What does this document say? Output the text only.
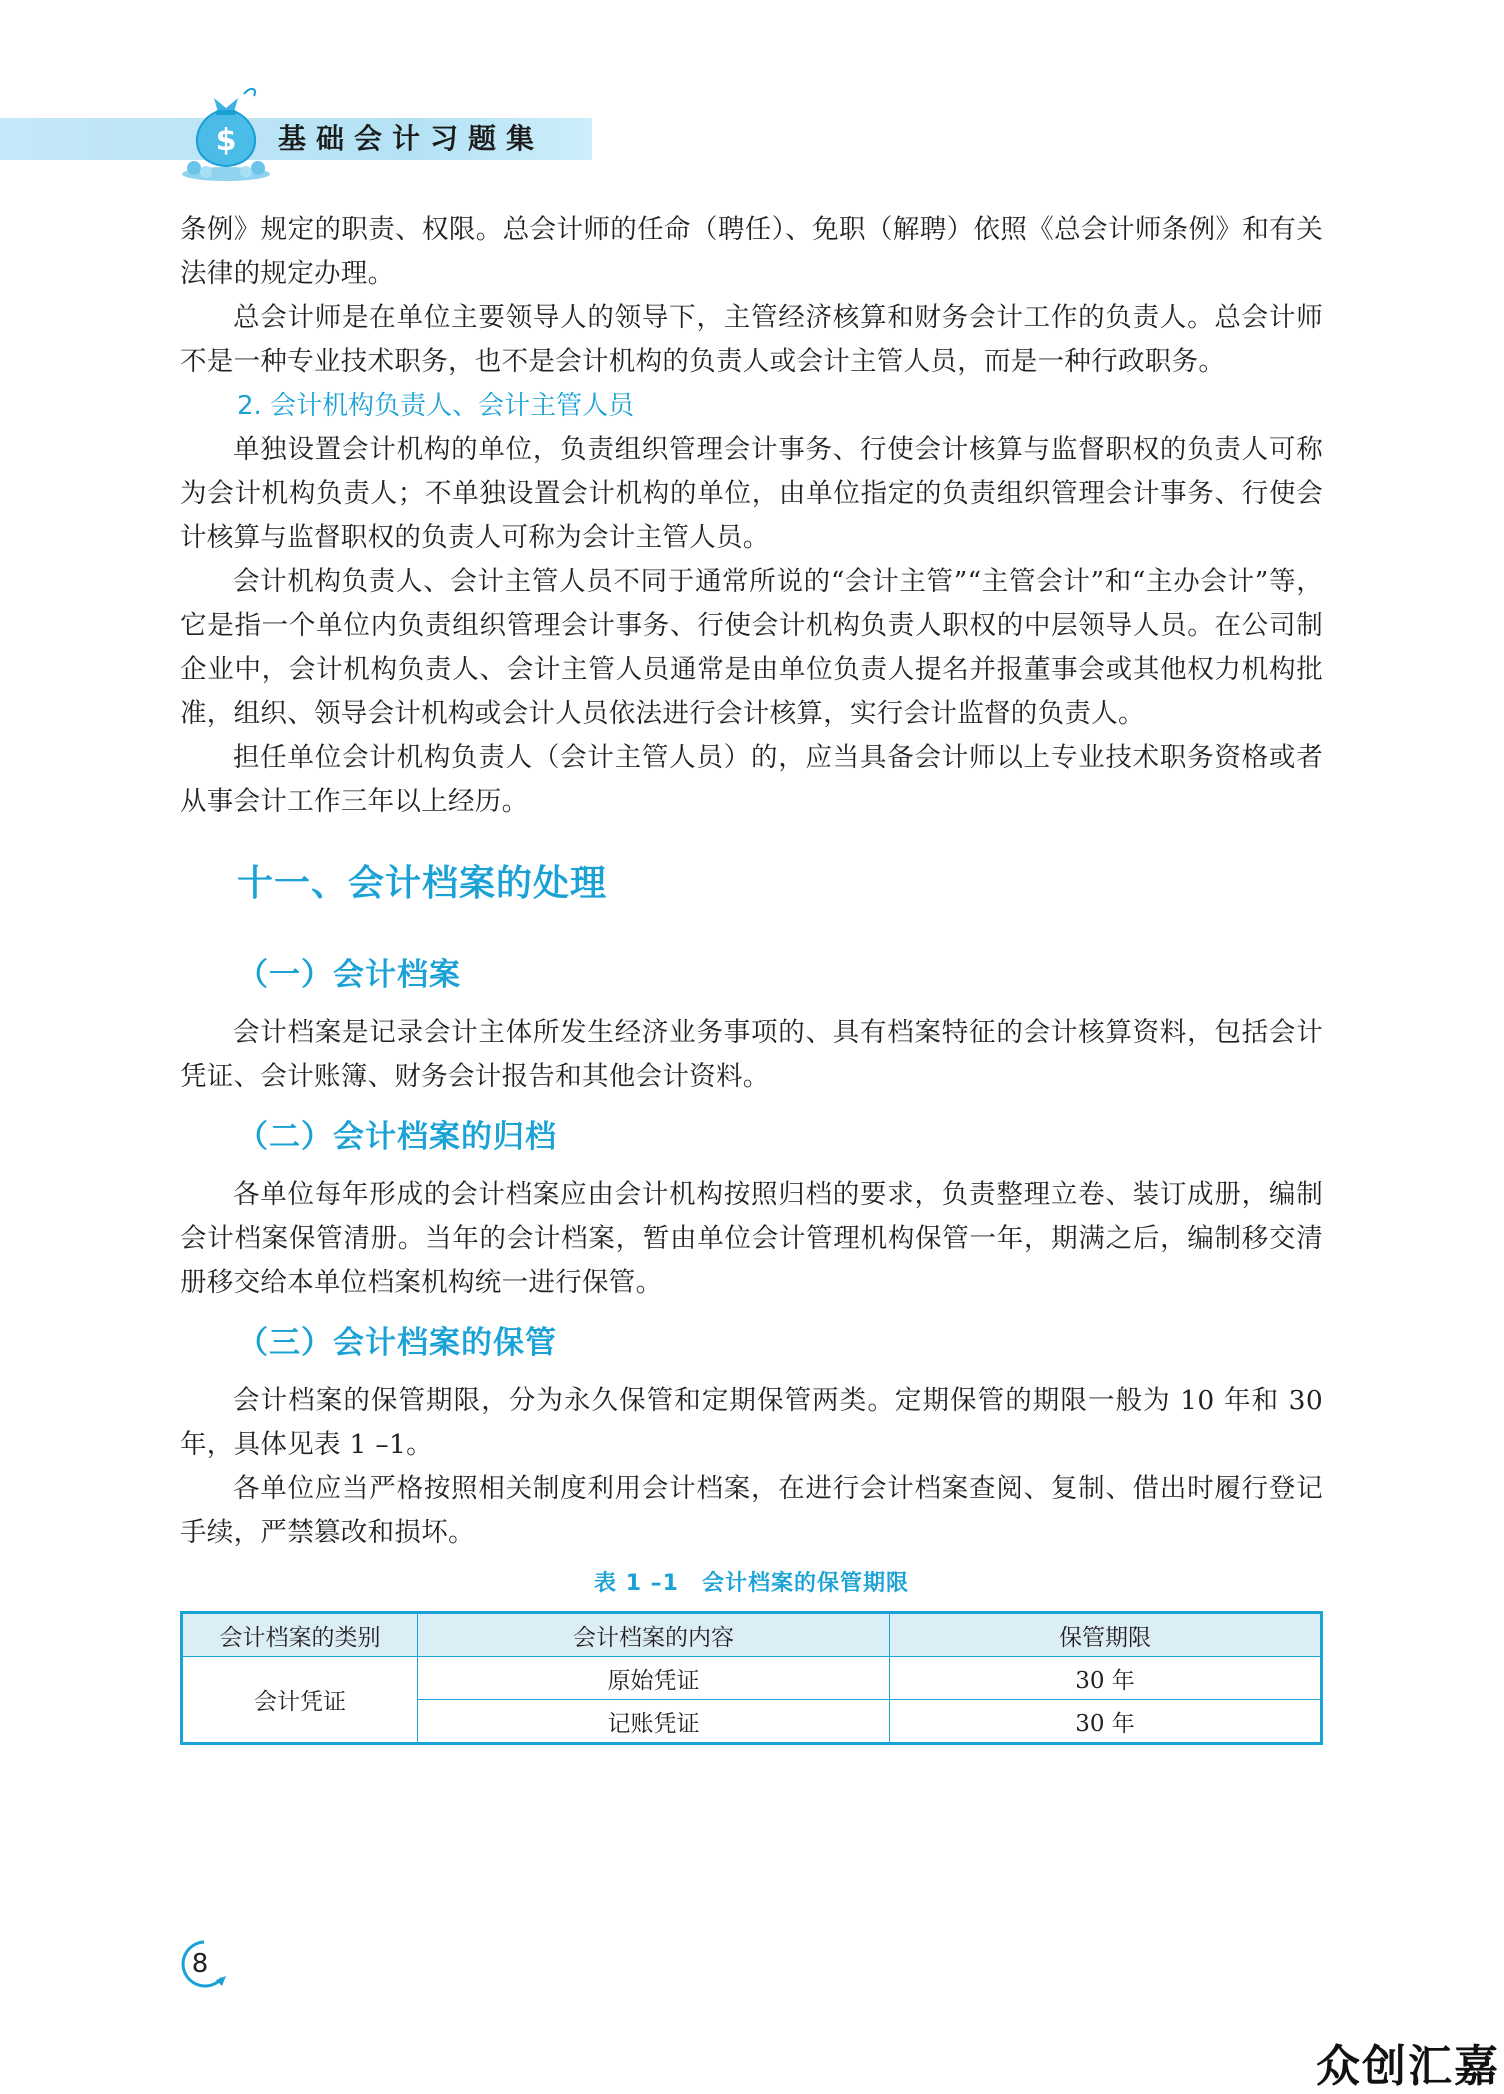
$ 基础会计习题集

条例》规定的职责、权限。总会计师的任命（聘任）、免职（解聘）依照《总会计师条例》和有关法律的规定办理。

总会计师是在单位主要领导人的领导下，主管经济核算和财务会计工作的负责人。总会计师不是一种专业技术职务，也不是会计机构的负责人或会计主管人员，而是一种行政职务。

2. 会计机构负责人、会计主管人员

单独设置会计机构的单位，负责组织管理会计事务、行使会计核算与监督职权的负责人可称为会计机构负责人；不单独设置会计机构的单位，由单位指定的负责组织管理会计事务、行使会计核算与监督职权的负责人可称为会计主管人员。

会计机构负责人、会计主管人员不同于通常所说的“会计主管”“主管会计”和“主办会计”等，它是指一个单位内负责组织管理会计事务、行使会计机构负责人职权的中层领导人员。在公司制企业中，会计机构负责人、会计主管人员通常是由单位负责人提名并报董事会或其他权力机构批准，组织、领导会计机构或会计人员依法进行会计核算，实行会计监督的负责人。

担任单位会计机构负责人（会计主管人员）的，应当具备会计师以上专业技术职务资格或者从事会计工作三年以上经历。

十一、会计档案的处理
（一）会计档案

会计档案是记录会计主体所发生经济业务事项的、具有档案特征的会计核算资料，包括会计凭证、会计账簿、财务会计报告和其他会计资料。

（二）会计档案的归档

各单位每年形成的会计档案应由会计机构按照归档的要求，负责整理立卷、装订成册，编制会计档案保管清册。当年的会计档案，暂由单位会计管理机构保管一年，期满之后，编制移交清册移交给本单位档案机构统一进行保管。

（三）会计档案的保管

会计档案的保管期限，分为永久保管和定期保管两类。定期保管的期限一般为 10 年和 30 年，具体见表 1 –1。

各单位应当严格按照相关制度利用会计档案，在进行会计档案查阅、复制、借出时履行登记手续，严禁篡改和损坏。

表 1 –1　会计档案的保管期限
会计档案的类别	会计档案的内容	保管期限
会计凭证	原始凭证	30 年
	记账凭证	30 年
8
众创汇嘉
